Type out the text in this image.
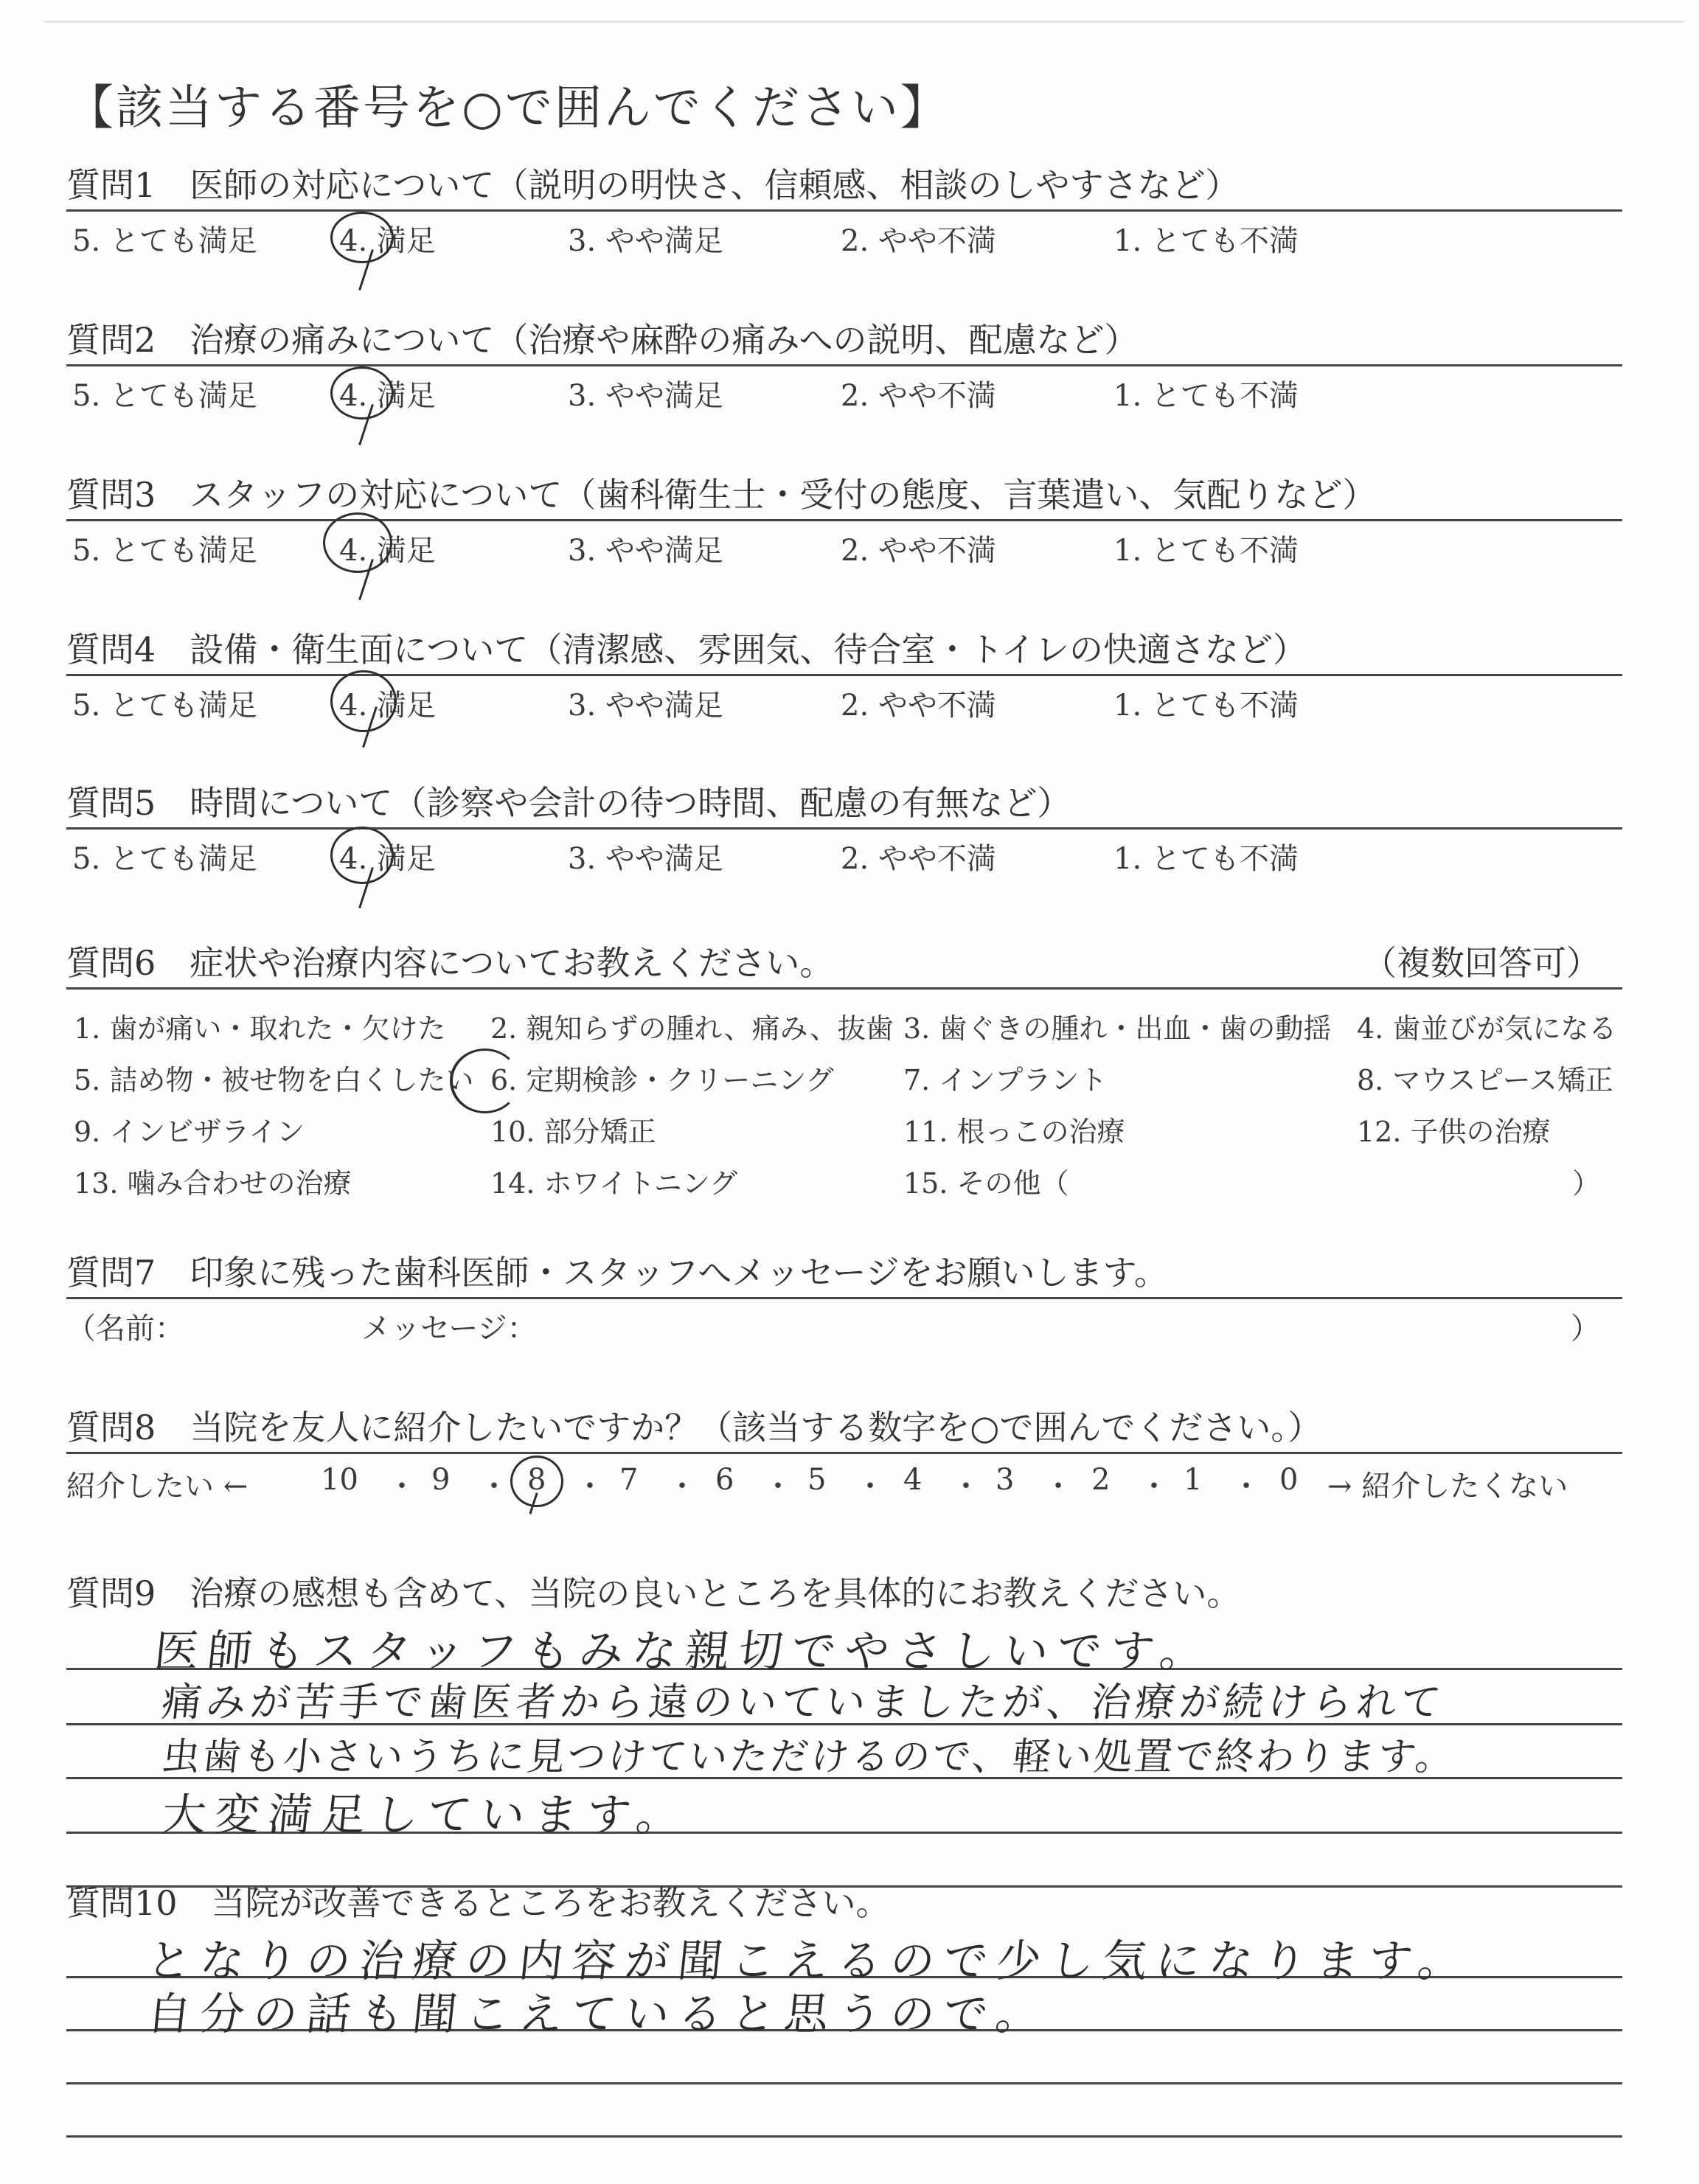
【該当する番号を○で囲んでください】
質問1　 医師の対応について（説明の明快さ、信頼感、相談のしやすさなど）
5. とても満足	4. 満足	3. やや満足	2. やや不満	1. とても不満
質問2　 治療の痛みについて（治療や麻酔の痛みへの説明、配慮など）
5. とても満足	4. 満足	3. やや満足	2. やや不満	1. とても不満
質問3　 スタッフの対応について（歯科衛生士・受付の態度、言葉遣い、気配りなど）
5. とても満足	4. 満足	3. やや満足	2. やや不満	1. とても不満
質問4　 設備・衛生面について（清潔感、雰囲気、待合室・トイレの快適さなど）
5. とても満足	4. 満足	3. やや満足	2. やや不満	1. とても不満
質問5　 時間について（診察や会計の待つ時間、配慮の有無など）
5. とても満足	4. 満足	3. やや満足	2. やや不満	1. とても不満
質問6　 症状や治療内容についてお教えください。	（複数回答可）
1. 歯が痛い・取れた・欠けた 2. 親知らずの腫れ、痛み、抜歯 3. 歯ぐきの腫れ・出血・歯の動揺 4. 歯並びが気になる
5. 詰め物・被せ物を白くしたい 6. 定期検診・クリーニング 7. インプラント	8. マウスピース矯正
9. インビザライン	10. 部分矯正	11. 根っこの治療	12. 子供の治療
13. 噛み合わせの治療	14. ホワイトニング	15. その他（	）
質問7　 印象に残った歯科医師・スタッフへメッセージをお願いします。
（名前：	メッセージ：	）
質問8　 当院を友人に紹介したいですか？（該当する数字を○で囲んでください。）
紹介したい ← 10 ・ 9 ・ 8 ・ 7 ・ 6 ・ 5 ・ 4 ・ 3 ・ 2 ・ 1 ・ 0 → 紹介したくない
質問9　 治療の感想も含めて、当院の良いところを具体的にお教えください。
医師もスタッフもみな親切でやさしいです。
痛みが苦手で歯医者から遠のいていましたが、治療が続けられて
虫歯も小さいうちに見つけていただけるので、軽い処置で終わります。
大変満足しています。
質問10　 当院が改善できるところをお教えください。
となりの治療の内容が聞こえるので少し気になります。
自分の話も聞こえていると思うので。
